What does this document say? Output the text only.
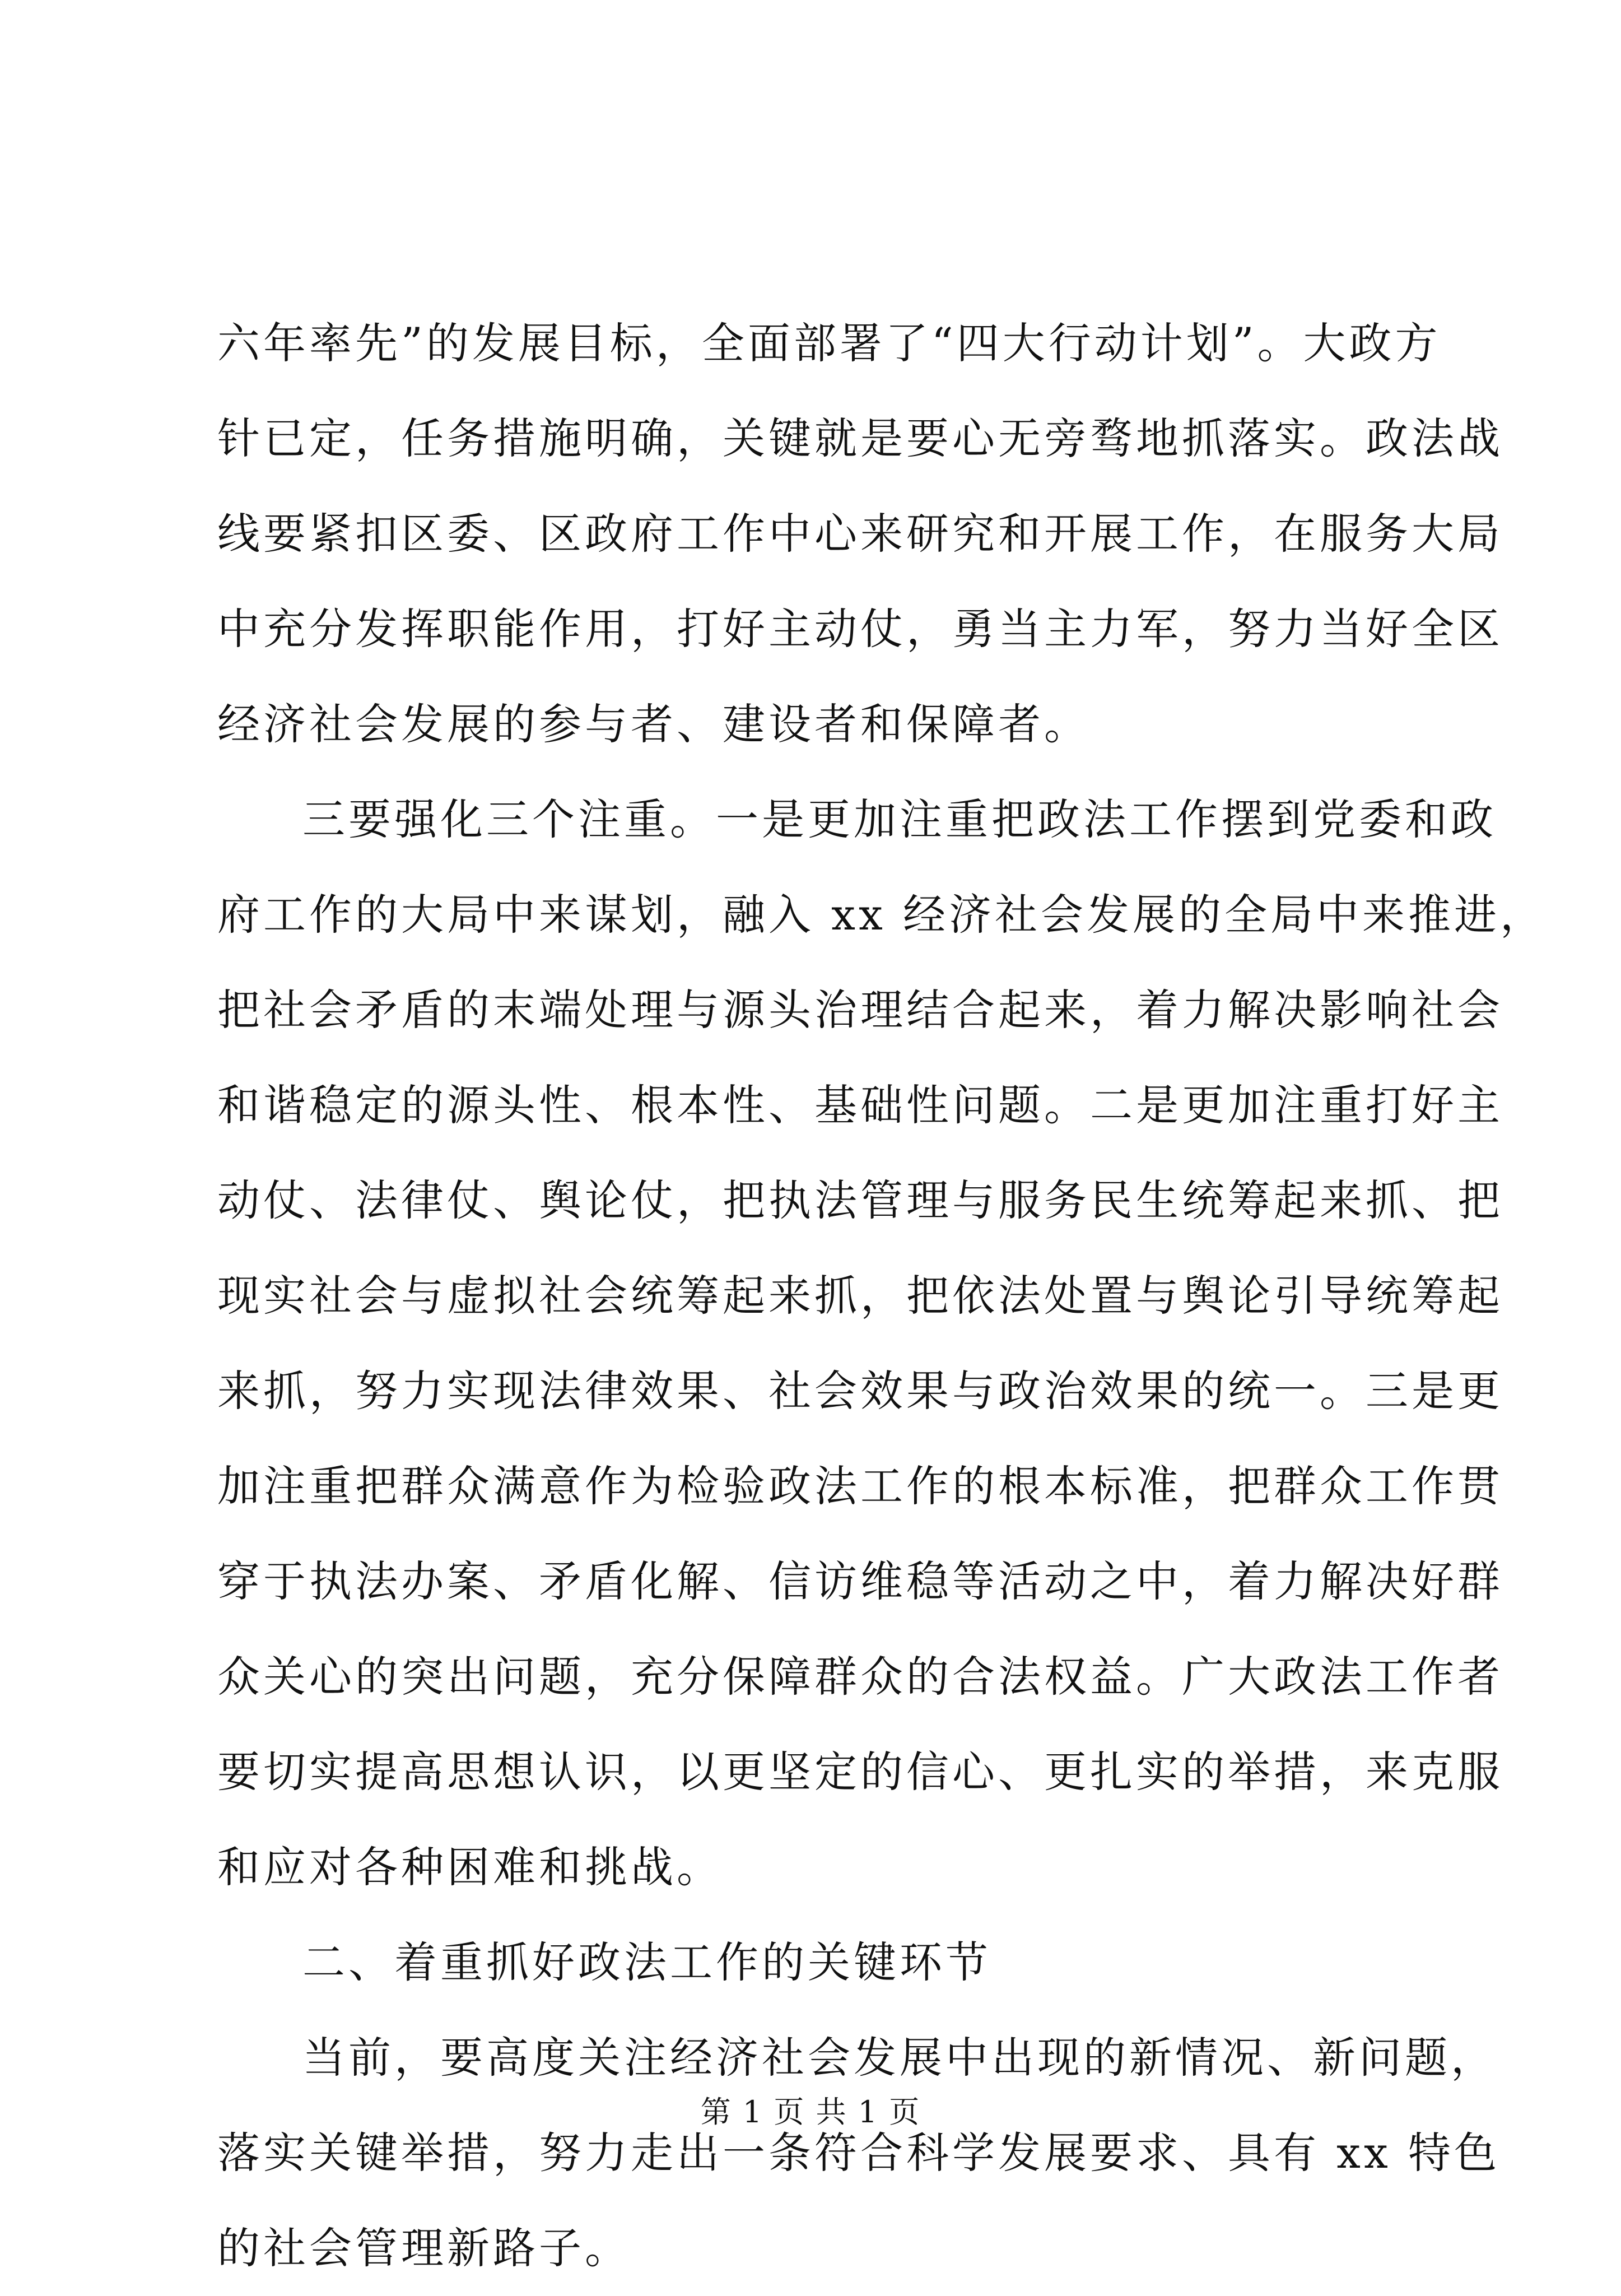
六年率先”的发展目标，全面部署了“四大行动计划”。大政方
针已定，任务措施明确，关键就是要心无旁骛地抓落实。政法战
线要紧扣区委、区政府工作中心来研究和开展工作，在服务大局
中充分发挥职能作用，打好主动仗，勇当主力军，努力当好全区
经济社会发展的参与者、建设者和保障者。
三要强化三个注重。一是更加注重把政法工作摆到党委和政
府工作的大局中来谋划，融入 xx 经济社会发展的全局中来推进，
把社会矛盾的末端处理与源头治理结合起来，着力解决影响社会
和谐稳定的源头性、根本性、基础性问题。二是更加注重打好主
动仗、法律仗、舆论仗，把执法管理与服务民生统筹起来抓、把
现实社会与虚拟社会统筹起来抓，把依法处置与舆论引导统筹起
来抓，努力实现法律效果、社会效果与政治效果的统一。三是更
加注重把群众满意作为检验政法工作的根本标准，把群众工作贯
穿于执法办案、矛盾化解、信访维稳等活动之中，着力解决好群
众关心的突出问题，充分保障群众的合法权益。广大政法工作者
要切实提高思想认识，以更坚定的信心、更扎实的举措，来克服
和应对各种困难和挑战。
二、着重抓好政法工作的关键环节
当前，要高度关注经济社会发展中出现的新情况、新问题，
落实关键举措，努力走出一条符合科学发展要求、具有 xx 特色
的社会管理新路子。
第 1 页 共 1 页
